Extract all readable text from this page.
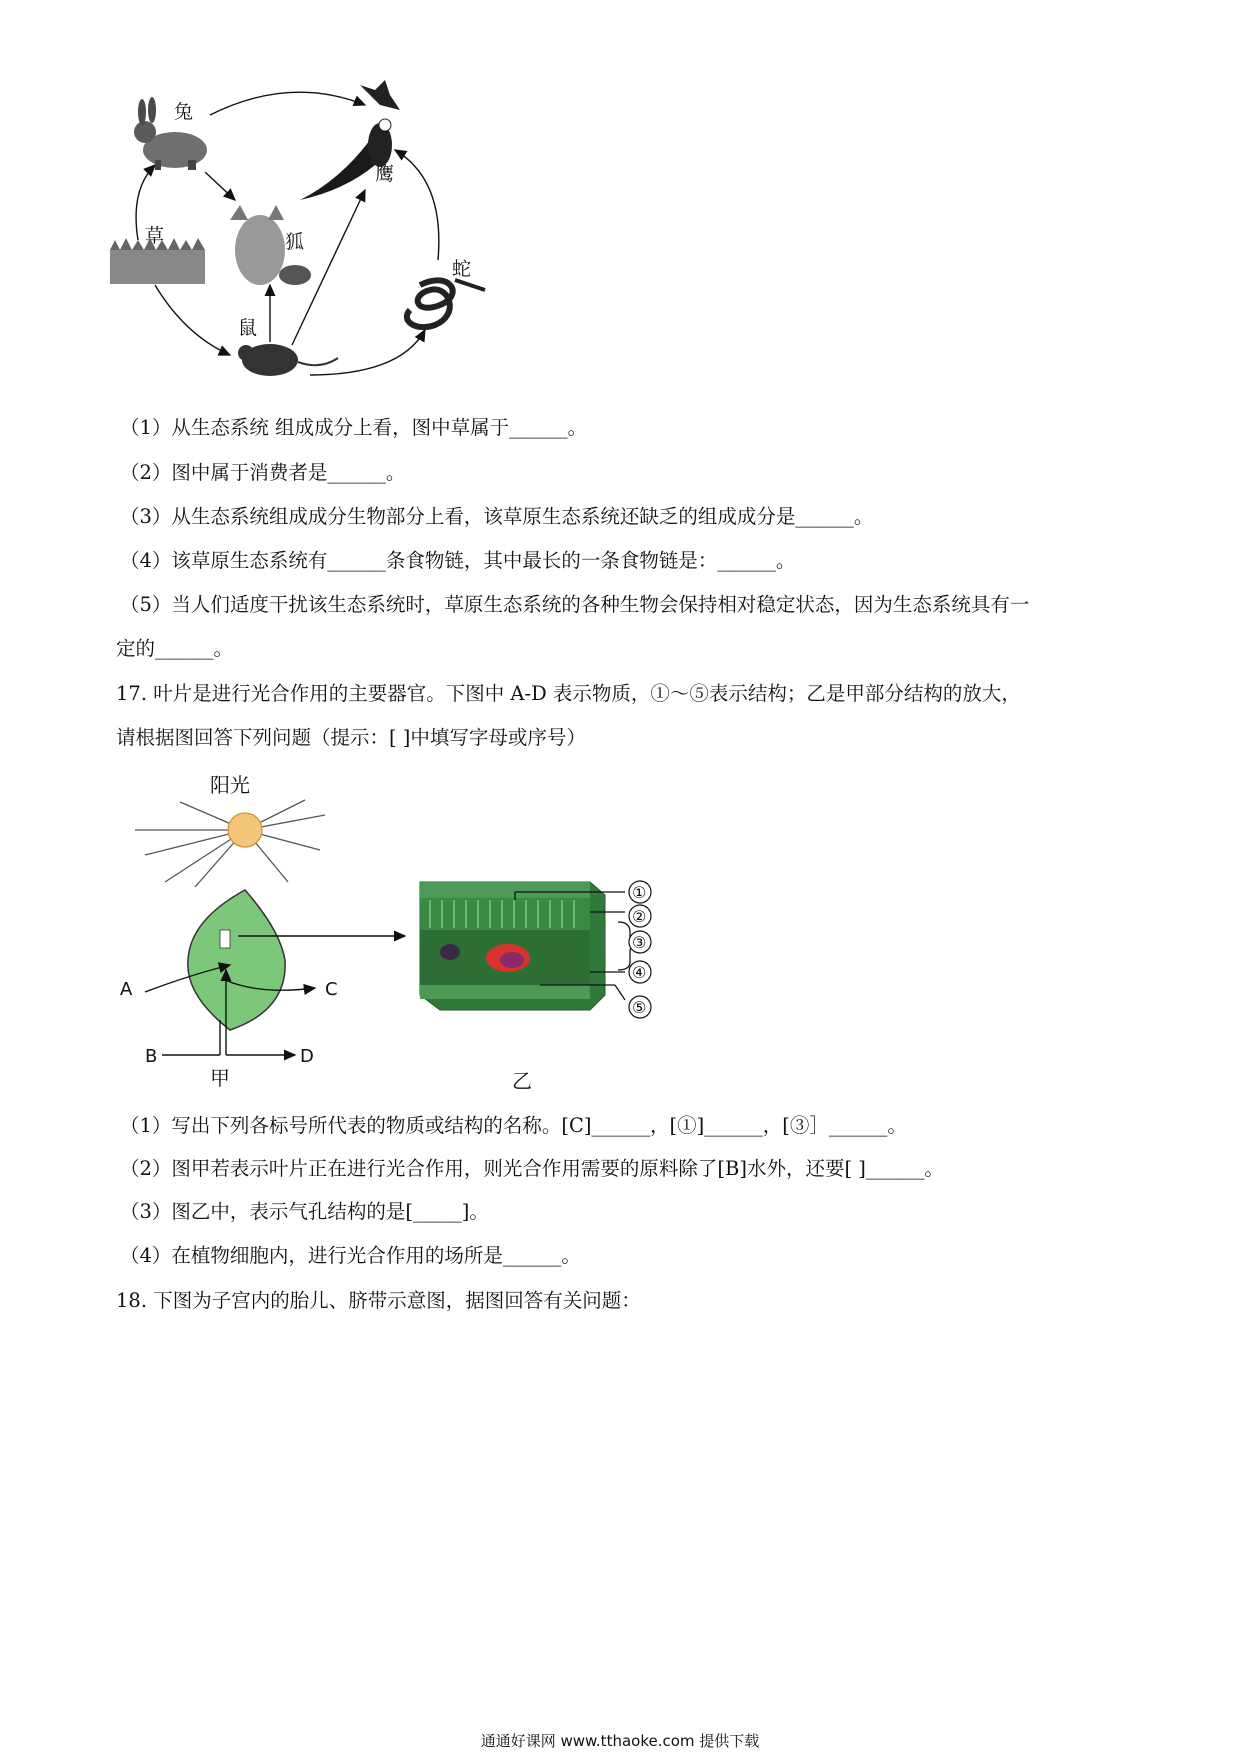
兔
鹰
草	狐
蛇
鼠
（1）从生态系统 组成成分上看，图中草属于______。
（2）图中属于消费者是______。
（3）从生态系统组成成分生物部分上看，该草原生态系统还缺乏的组成成分是______。
（4）该草原生态系统有______条食物链，其中最长的一条食物链是：______。
（5）当人们适度干扰该生态系统时，草原生态系统的各种生物会保持相对稳定状态，因为生态系统具有一
定的______。
17. 叶片是进行光合作用的主要器官。下图中 A-D 表示物质，①～⑤表示结构；乙是甲部分结构的放大，
请根据图回答下列问题（提示：[ ]中填写字母或序号）
阳光
A	C
B	D
甲
①
②
③
④
⑤
乙
（1）写出下列各标号所代表的物质或结构的名称。[C]______，[①]______，[③］______。
（2）图甲若表示叶片正在进行光合作用，则光合作用需要的原料除了[B]水外，还要[ ]______。
（3）图乙中，表示气孔结构的是[_____]。
（4）在植物细胞内，进行光合作用的场所是______。
18. 下图为子宫内的胎儿、脐带示意图，据图回答有关问题：
通通好课网 www.tthaoke.com 提供下载
